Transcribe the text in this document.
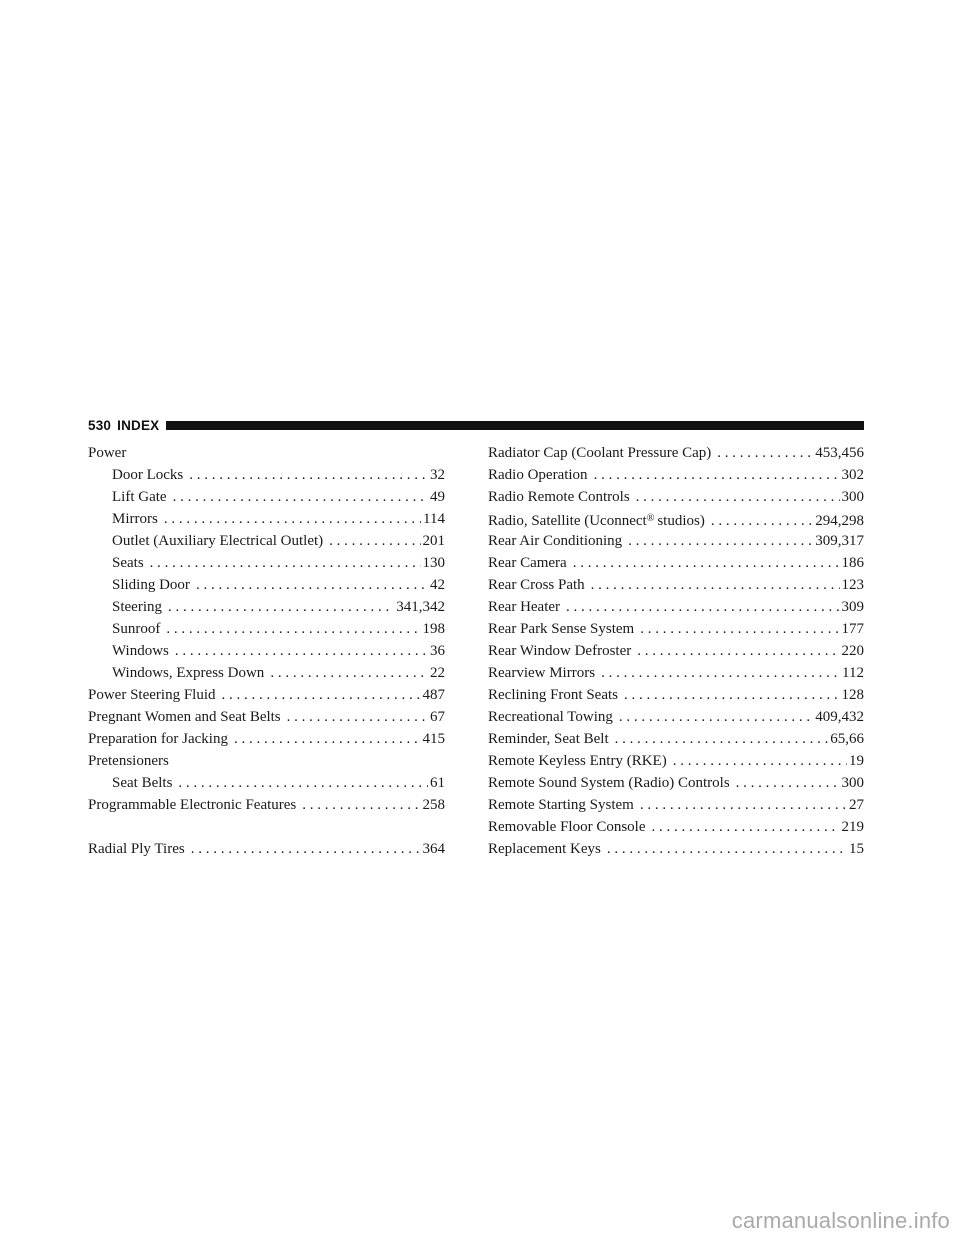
530 INDEX
Power
Door Locks . . .	32
Lift Gate . . .	49
Mirrors . . .	114
Outlet (Auxiliary Electrical Outlet) . . .	201
Seats . . .	130
Sliding Door . . .	42
Steering . . .	341,342
Sunroof . . .	198
Windows . . .	36
Windows, Express Down . . .	22
Power Steering Fluid . . .	487
Pregnant Women and Seat Belts . . .	67
Preparation for Jacking . . .	415
Pretensioners
Seat Belts . . .	61
Programmable Electronic Features . . .	258
Radial Ply Tires . . .	364
Radiator Cap (Coolant Pressure Cap) . . .	453,456
Radio Operation . . .	302
Radio Remote Controls . . .	300
Radio, Satellite (Uconnect® studios) . . .	294,298
Rear Air Conditioning . . .	309,317
Rear Camera . . .	186
Rear Cross Path . . .	123
Rear Heater . . .	309
Rear Park Sense System . . .	177
Rear Window Defroster . . .	220
Rearview Mirrors . . .	112
Reclining Front Seats . . .	128
Recreational Towing . . .	409,432
Reminder, Seat Belt . . .	65,66
Remote Keyless Entry (RKE) . . .	19
Remote Sound System (Radio) Controls . . .	300
Remote Starting System . . .	27
Removable Floor Console . . .	219
Replacement Keys . . .	15
carmanualsonline.info
